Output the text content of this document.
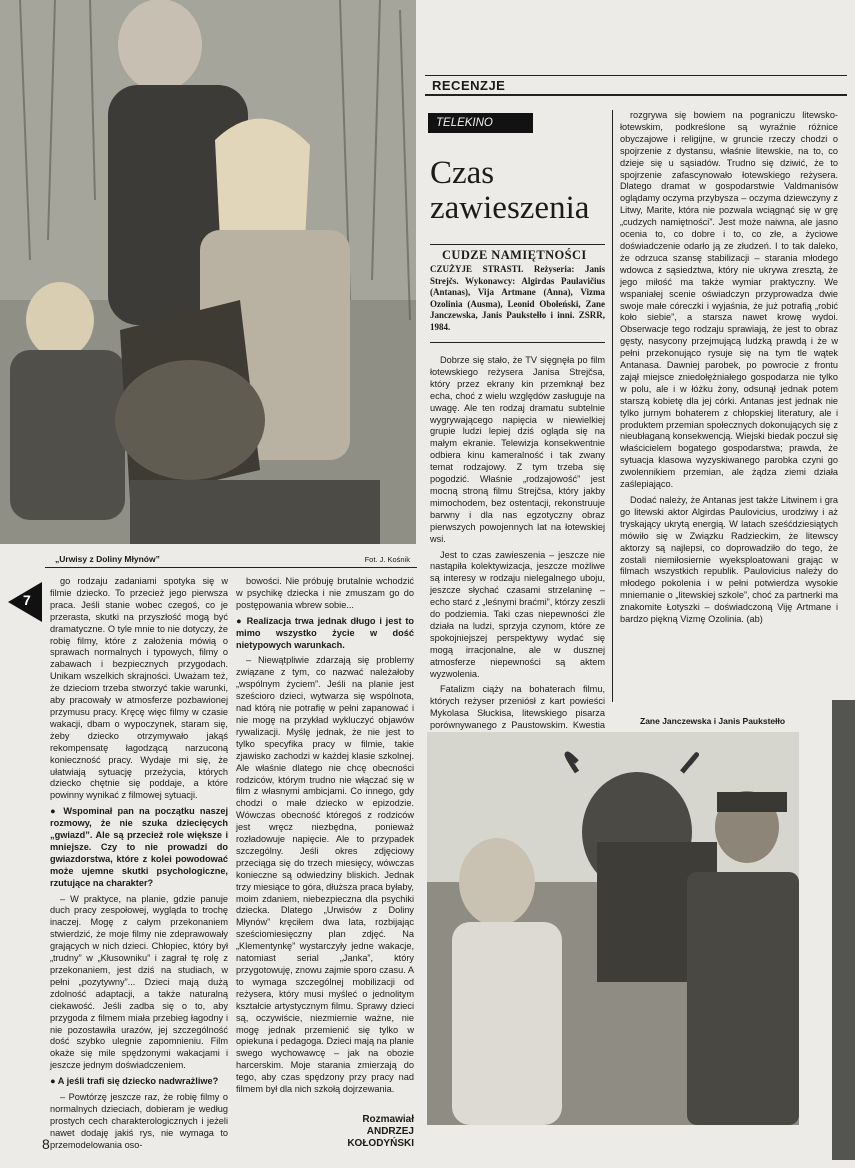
„Urwisy z Doliny Młynów”	Fot. J. Kośnik
7

go rodzaju zadaniami spotyka się w filmie dziecko. To przecież jego pierwsza praca. Jeśli stanie wobec czegoś, co je przerasta, skutki na przyszłość mogą być dramatyczne. O tyle mnie to nie dotyczy, że robię filmy, które z założenia mówią o sprawach normalnych i typowych, filmy o zabawach i bezpiecznych przygodach. Unikam wszelkich skrajności. Uważam też, że dzieciom trzeba stworzyć takie warunki, aby pracowały w atmosferze pozbawionej przymusu pracy. Kręcę więc filmy w czasie wakacji, dbam o wypoczynek, staram się, żeby dziecko otrzymywało jakąś rekompensatę łagodzącą narzuconą konieczność pracy. Wydaje mi się, że ułatwiają sytuację przeżycia, których dziecko chętnie się poddaje, a które powinny wynikać z filmowej sytuacji.

● Wspominał pan na początku naszej rozmowy, że nie szuka dziecięcych „gwiazd”. Ale są przecież role większe i mniejsze. Czy to nie prowadzi do gwiazdorstwa, które z kolei powodować może ujemne skutki psychologiczne, rzutujące na charakter?

– W praktyce, na planie, gdzie panuje duch pracy zespołowej, wygląda to trochę inaczej. Mogę z całym przekonaniem stwierdzić, że moje filmy nie zdeprawowały grających w nich dzieci. Chłopiec, który był „trudny” w „Kłusowniku” i zagrał tę rolę z przekonaniem, jest dziś na studiach, w pełni „pozytywny”... Dzieci mają dużą zdolność adaptacji, a także naturalną ciekawość. Jeśli zadba się o to, aby przygoda z filmem miała przebieg łagodny i nie pozostawiła urazów, jej szczególność dość szybko ulegnie zapomnieniu. Film okaże się mile spędzonymi wakacjami i jeszcze jednym doświadczeniem.

● A jeśli trafi się dziecko nadwrażliwe?

– Powtórzę jeszcze raz, że robię filmy o normalnych dzieciach, dobieram je według prostych cech charakterologicznych i jeżeli nawet dodaję jakiś rys, nie wymaga to przemodelowania oso-

bowości. Nie próbuję brutalnie wchodzić w psychikę dziecka i nie zmuszam go do postępowania wbrew sobie...

● Realizacja trwa jednak długo i jest to mimo wszystko życie w dość nietypowych warunkach.

– Niewątpliwie zdarzają się problemy związane z tym, co nazwać należałoby „wspólnym życiem”. Jeśli na planie jest sześcioro dzieci, wytwarza się wspólnota, nad którą nie potrafię w pełni zapanować i nie mogę na przykład wykluczyć objawów rywalizacji. Myślę jednak, że nie jest to tylko specyfika pracy w filmie, takie zjawisko zachodzi w każdej klasie szkolnej. Ale właśnie dlatego nie chcę obecności rodziców, którym trudno nie włączać się w film z własnymi ambicjami. Co innego, gdy chodzi o małe dziecko w epizodzie. Wówczas obecność któregoś z rodziców jest wręcz niezbędna, ponieważ rozładowuje napięcie. Ale to przypadek szczególny. Jeśli okres zdjęciowy przeciąga się do trzech miesięcy, wówczas konieczne są odwiedziny bliskich. Jednak trzy miesiące to góra, dłuższa praca byłaby, moim zdaniem, niebezpieczna dla psychiki dziecka. Dlatego „Urwisów z Doliny Młynów” kręciłem dwa lata, rozbijając sześciomiesięczny plan zdjęć. Na „Klementynkę” wystarczyły jedne wakacje, natomiast serial „Janka”, który przygotowuję, znowu zajmie sporo czasu. A to wymaga szczególnej mobilizacji od reżysera, który musi myśleć o jednolitym kształcie artystycznym filmu. Sprawy dzieci są, oczywiście, niezmiernie ważne, nie mogę jednak przemienić się tylko w opiekuna i pedagoga. Dzieci mają na planie swego wychowawcę – jak na obozie harcerskim. Moje starania zmierzają do tego, aby czas spędzony przy pracy nad filmem był dla nich szkołą dojrzewania.

Rozmawiał
ANDRZEJ
KOŁODYŃSKI

8
RECENZJE
TELEKINO
Czas
zawieszenia
CUDZE NAMIĘTNOŚCI
CZUŻYJE STRASTI. Reżyseria: Janis Strejčs. Wykonawcy: Algirdas Paulavičius (Antanas), Vija Artmane (Anna), Vizma Ozolinia (Ausma), Leonid Obołeński, Zane Janczewska, Janis Paukstełło i inni. ZSRR, 1984.

Dobrze się stało, że TV sięgnęła po film łotewskiego reżysera Janisa Strejčsa, który przez ekrany kin przemknął bez echa, choć z wielu względów zasługuje na uwagę. Ale ten rodzaj dramatu subtelnie wygrywającego napięcia w niewielkiej grupie ludzi lepiej dziś ogląda się na małym ekranie. Telewizja konsekwentnie odbiera kinu kameralność i tak zwany temat rodzajowy. Z tym trzeba się pogodzić. Właśnie „rodzajowość” jest mocną stroną filmu Strejčsa, który jakby mimochodem, bez ostentacji, rekonstruuje barwny i dla nas egzotyczny obraz pierwszych powojennych lat na łotewskiej wsi.

Jest to czas zawieszenia – jeszcze nie nastąpiła kolektywizacja, jeszcze możliwe są interesy w rodzaju nielegalnego uboju, jeszcze słychać czasami strzelaninę – echo starć z „leśnymi braćmi”, którzy zeszli do podziemia. Taki czas niepewności źle działa na ludzi, sprzyja czynom, które ze spokojniejszej perspektywy wydać się mogą irracjonalne, ale w dusznej atmosferze niepewności są aktem wyzwolenia.

Fatalizm ciąży na bohaterach filmu, których reżyser przeniósł z kart powieści Mykolasa Słuckisa, litewskiego pisarza porównywanego z Paustowskim. Kwestia

rozgrywa się bowiem na pograniczu litewsko-łotewskim, podkreślone są wyraźnie różnice obyczajowe i religijne, w gruncie rzeczy chodzi o spojrzenie z dystansu, właśnie litewskie, na to, co dzieje się u sąsiadów. Trudno się dziwić, że to spojrzenie zafascynowało łotewskiego reżysera. Dlatego dramat w gospodarstwie Valdmanisów oglądamy oczyma przybysza – oczyma dziewczyny z Litwy, Marite, która nie pozwala wciągnąć się w grę „cudzych namiętności”. Jest może naiwna, ale jasno ocenia to, co dobre i to, co złe, a życiowe doświadczenie odarło ją ze złudzeń. I to tak daleko, że odrzuca szansę stabilizacji – starania młodego wdowca z sąsiedztwa, który nie ukrywa zresztą, że jego miłość ma także wymiar praktyczny. We wspaniałej scenie oświadczyn przyprowadza dwie swoje małe córeczki i wyjaśnia, że już potrafią „robić koło siebie”, a starsza nawet krowę wydoi. Obserwacje tego rodzaju sprawiają, że jest to obraz gęsty, nasycony przejmującą ludzką prawdą i że w pełni przekonująco rysuje się na tym tle wątek Antanasa. Dawniej parobek, po powrocie z frontu zajął miejsce zniedołężniałego gospodarza nie tylko w polu, ale i w łóżku żony, odsunął jednak potem starszą kobietę dla jej córki. Antanas jest jednak nie tylko jurnym bohaterem z chłopskiej literatury, ale i produktem przemian społecznych dokonujących się z nieubłaganą konsekwencją. Wiejski biedak poczuł się właścicielem bogatego gospodarstwa; prawda, że sytuacja klasowa wyzyskiwanego parobka czyni go zwolennikiem przemian, ale żądza ziemi działa zaślepiająco.

Dodać należy, że Antanas jest także Litwinem i gra go litewski aktor Algirdas Paulovicius, urodziwy i aż tryskający ukrytą energią. W latach sześćdziesiątych mówiło się w Związku Radzieckim, że litewscy aktorzy są najlepsi, co doprowadziło do tego, że zostali niemiłosiernie wyeksploatowani grając w filmach wszystkich republik. Paulovicius należy do młodego pokolenia i w pełni potwierdza wysokie mniemanie o „litewskiej szkole”, choć za partnerki ma znakomite Łotyszki – doświadczoną Viję Artmane i bardzo piękną Vizmę Ozolinia. (ab)

Zane Janczewska i Janis Paukstełło
